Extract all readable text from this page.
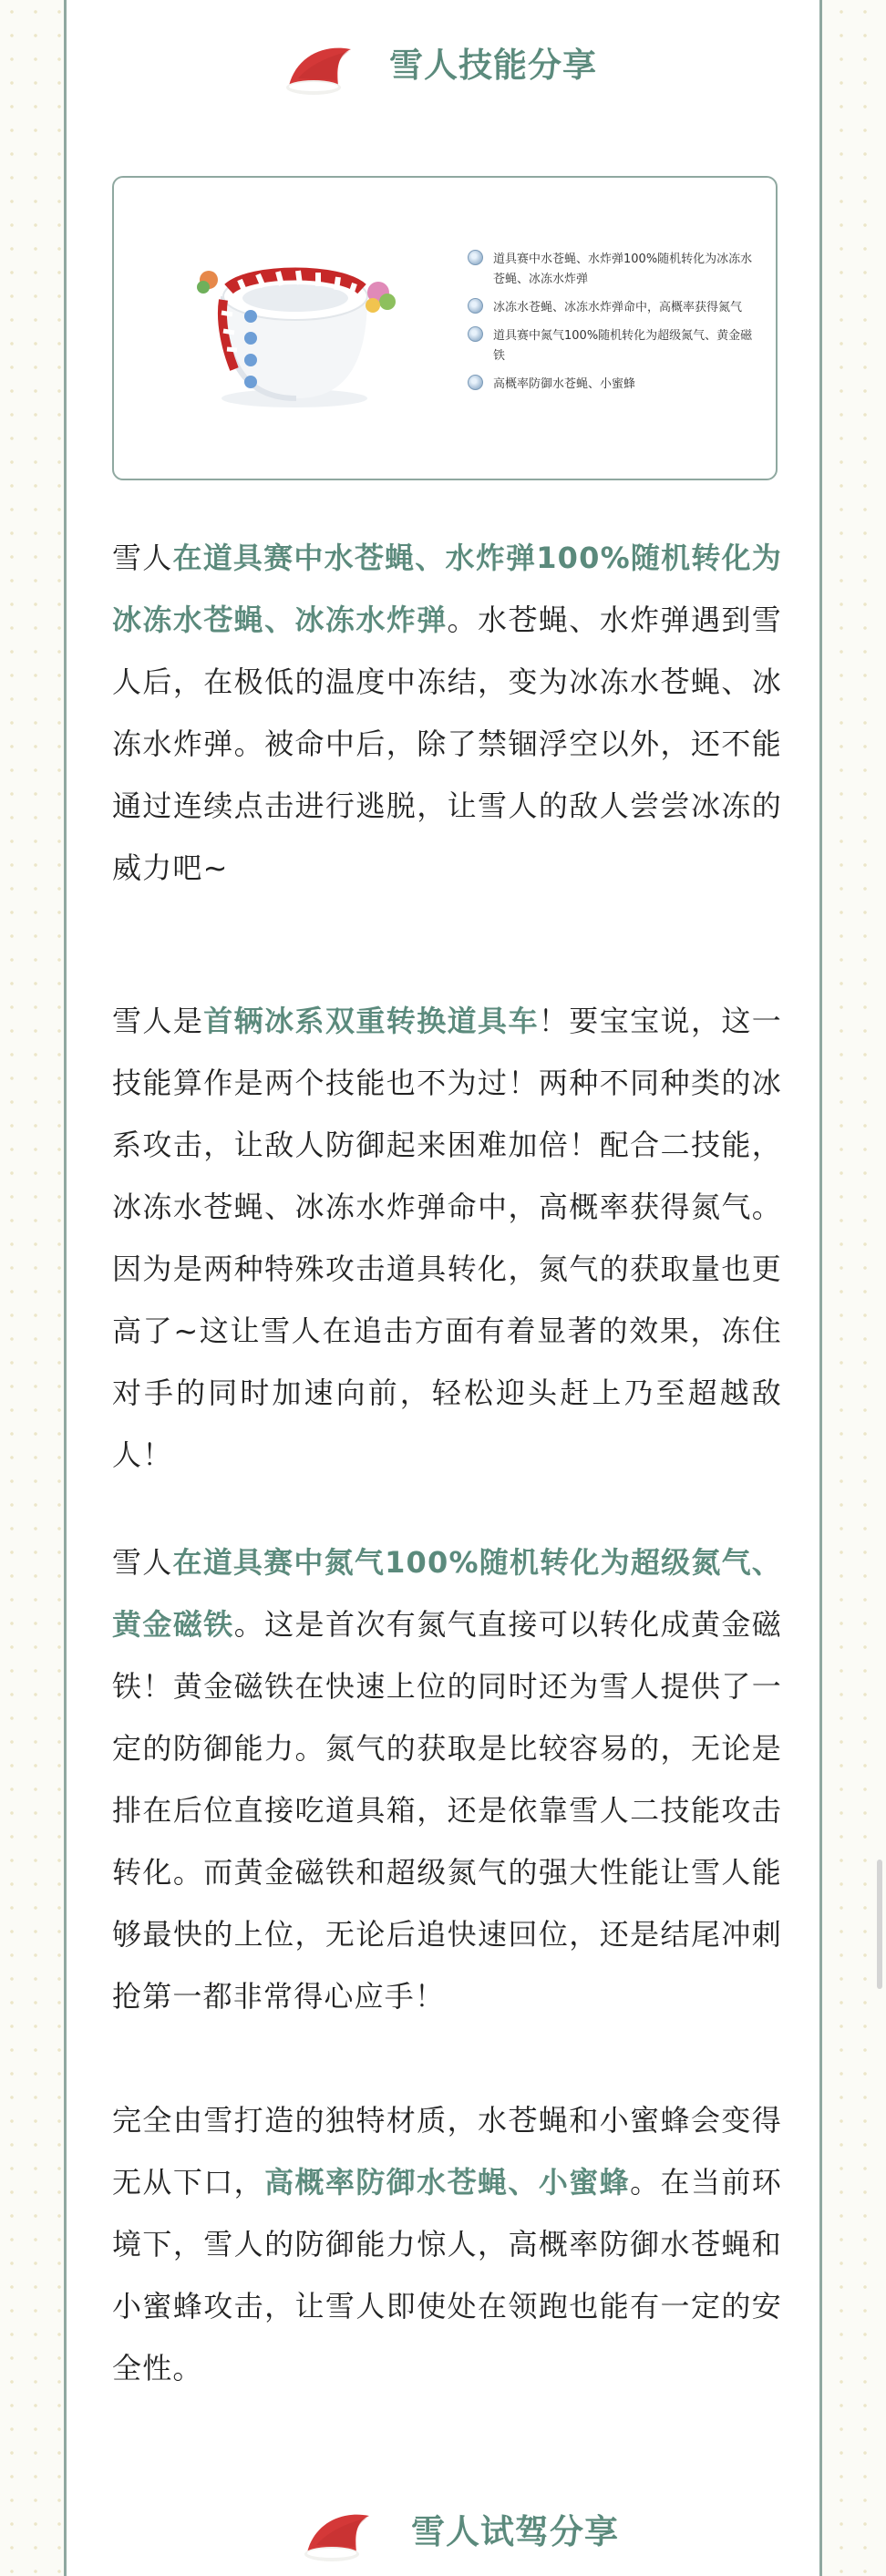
雪人技能分享
道具赛中水苍蝇、水炸弹100%随机转化为冰冻水苍蝇、冰冻水炸弹
冰冻水苍蝇、冰冻水炸弹命中，高概率获得氮气
道具赛中氮气100%随机转化为超级氮气、黄金磁铁
高概率防御水苍蝇、小蜜蜂

雪人在道具赛中水苍蝇、水炸弹100%随机转化为冰冻水苍蝇、冰冻水炸弹。水苍蝇、水炸弹遇到雪人后，在极低的温度中冻结，变为冰冻水苍蝇、冰冻水炸弹。被命中后，除了禁锢浮空以外，还不能通过连续点击进行逃脱，让雪人的敌人尝尝冰冻的威力吧~

雪人是首辆冰系双重转换道具车！要宝宝说，这一技能算作是两个技能也不为过！两种不同种类的冰系攻击，让敌人防御起来困难加倍！配合二技能，冰冻水苍蝇、冰冻水炸弹命中，高概率获得氮气。因为是两种特殊攻击道具转化，氮气的获取量也更高了~这让雪人在追击方面有着显著的效果，冻住对手的同时加速向前，轻松迎头赶上乃至超越敌人！

雪人在道具赛中氮气100%随机转化为超级氮气、黄金磁铁。这是首次有氮气直接可以转化成黄金磁铁！黄金磁铁在快速上位的同时还为雪人提供了一定的防御能力。氮气的获取是比较容易的，无论是排在后位直接吃道具箱，还是依靠雪人二技能攻击转化。而黄金磁铁和超级氮气的强大性能让雪人能够最快的上位，无论后追快速回位，还是结尾冲刺抢第一都非常得心应手！

完全由雪打造的独特材质，水苍蝇和小蜜蜂会变得无从下口，高概率防御水苍蝇、小蜜蜂。在当前环境下，雪人的防御能力惊人，高概率防御水苍蝇和小蜜蜂攻击，让雪人即使处在领跑也能有一定的安全性。

雪人试驾分享
